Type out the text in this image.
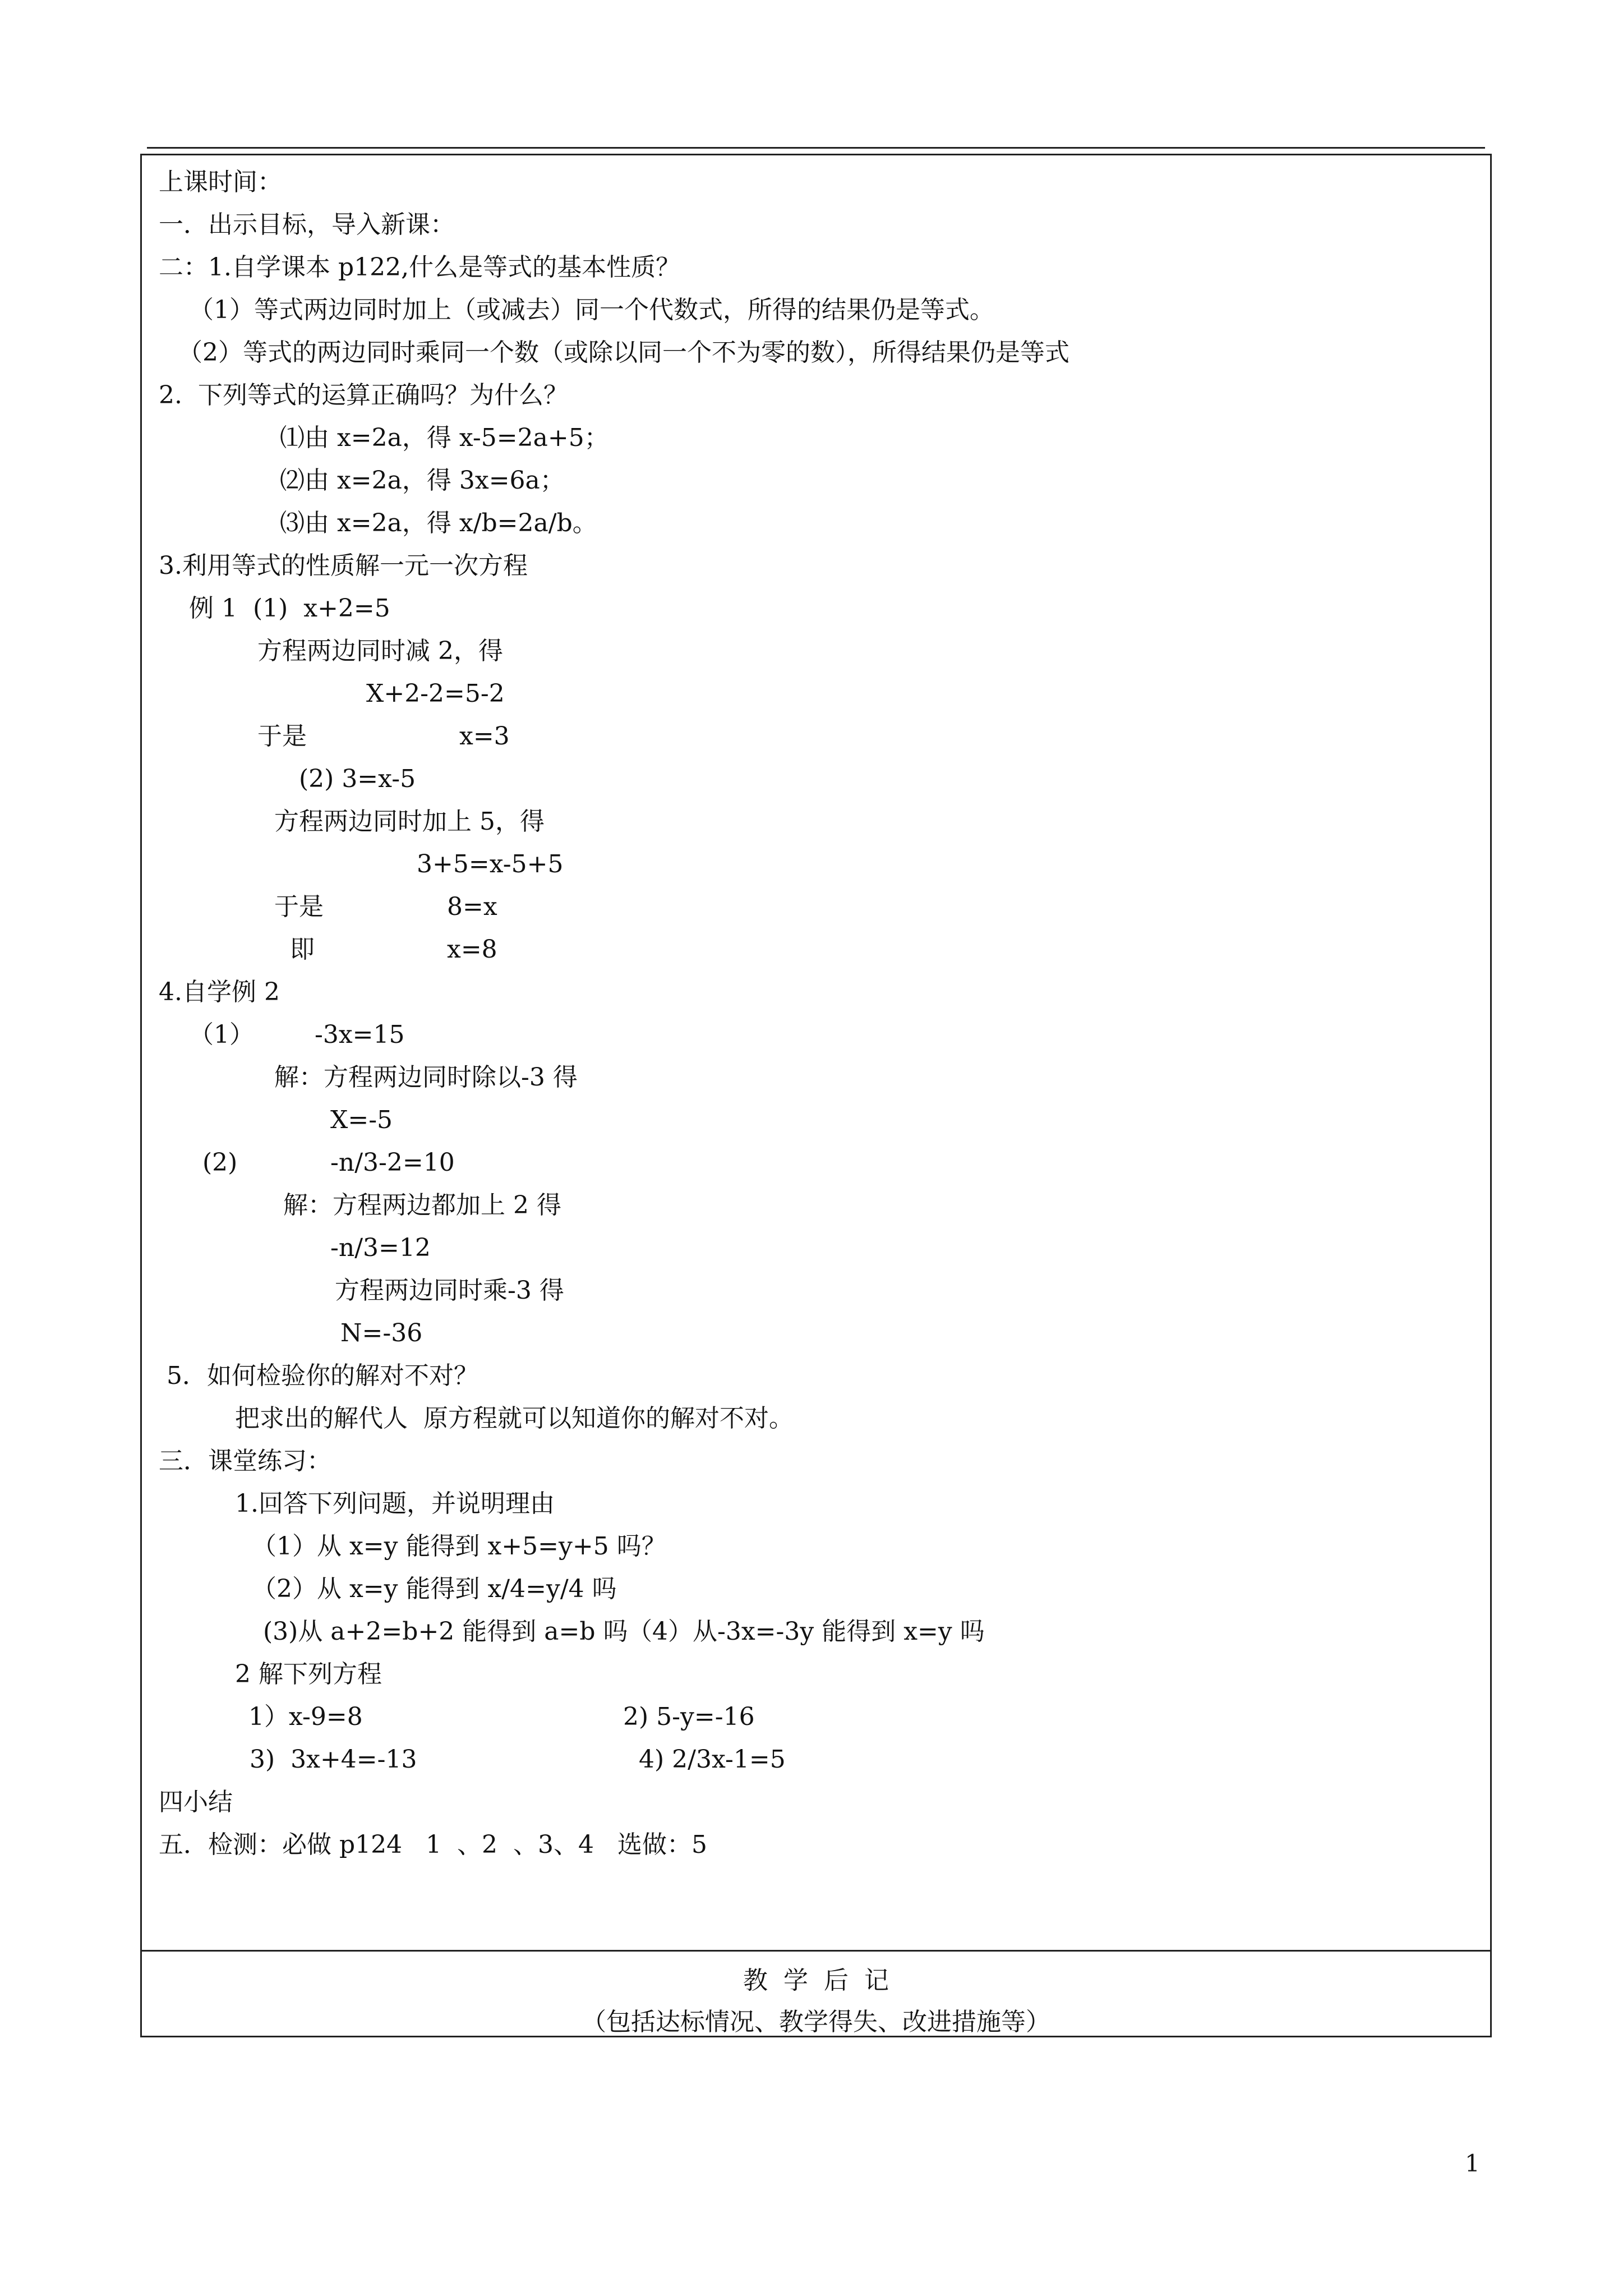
上课时间：
一．出示目标，导入新课：
二：1.自学课本 p122,什么是等式的基本性质？
（1）等式两边同时加上（或减去）同一个代数式，所得的结果仍是等式。
（2）等式的两边同时乘同一个数（或除以同一个不为零的数），所得结果仍是等式
2.  下列等式的运算正确吗？为什么？
⑴由 x=2a，得 x-5=2a+5；
⑵由 x=2a，得 3x=6a；
⑶由 x=2a，得 x/b=2a/b。
3.利用等式的性质解一元一次方程
例 1  (1)  x+2=5
方程两边同时减 2，得
X+2-2=5-2
于是	x=3
(2) 3=x-5
方程两边同时加上 5，得
3+5=x-5+5
于是	8=x
即	x=8
4.自学例 2
（1） -3x=15
解：方程两边同时除以-3 得
X=-5
(2)	-n/3-2=10
解：方程两边都加上 2 得
-n/3=12
方程两边同时乘-3 得
N=-36
5．如何检验你的解对不对？
把求出的解代人  原方程就可以知道你的解对不对。
三．课堂练习：
1.回答下列问题，并说明理由
（1）从 x=y 能得到 x+5=y+5 吗？
（2）从 x=y 能得到 x/4=y/4 吗
(3)从 a+2=b+2 能得到 a=b 吗 （4）从-3x=-3y 能得到 x=y 吗
2 解下列方程
1）x-9=8	2) 5-y=-16
3)  3x+4=-13	4) 2/3x-1=5
四小结
五．检测：必做 p124   1  、2  、3、4   选做：5
教  学  后  记
（包括达标情况、教学得失、改进措施等）
1
